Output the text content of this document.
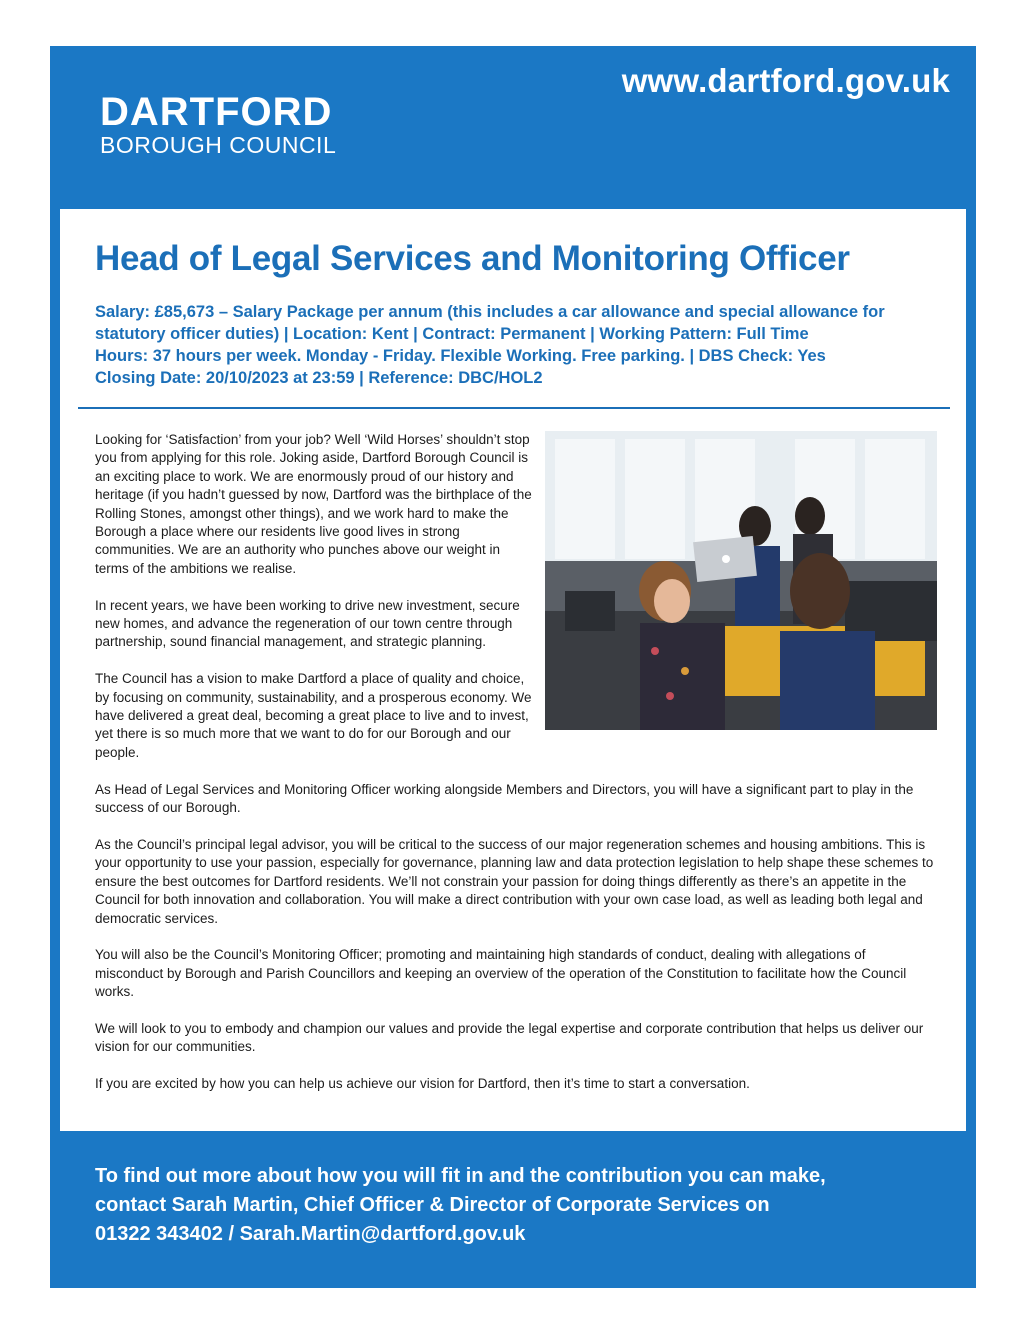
www.dartford.gov.uk
DARTFORD
BOROUGH COUNCIL
Head of Legal Services and Monitoring Officer
Salary: £85,673 – Salary Package per annum (this includes a car allowance and special allowance for
statutory officer duties) | Location: Kent | Contract: Permanent | Working Pattern: Full Time
Hours: 37 hours per week. Monday - Friday. Flexible Working. Free parking. | DBS Check: Yes
Closing Date: 20/10/2023 at 23:59 | Reference: DBC/HOL2

Looking for ‘Satisfaction’ from your job? Well ‘Wild Horses’ shouldn’t stop you from applying for this role. Joking aside, Dartford Borough Council is an exciting place to work. We are enormously proud of our history and heritage (if you hadn’t guessed by now, Dartford was the birthplace of the Rolling Stones, amongst other things), and we work hard to make the Borough a place where our residents live good lives in strong communities. We are an authority who punches above our weight in terms of the ambitions we realise.

In recent years, we have been working to drive new investment, secure new homes, and advance the regeneration of our town centre through partnership, sound financial management, and strategic planning.

The Council has a vision to make Dartford a place of quality and choice, by focusing on community, sustainability, and a prosperous economy. We have delivered a great deal, becoming a great place to live and to invest, yet there is so much more that we want to do for our Borough and our people.

As Head of Legal Services and Monitoring Officer working alongside Members and Directors, you will have a significant part to play in the success of our Borough.

As the Council’s principal legal advisor, you will be critical to the success of our major regeneration schemes and housing ambitions. This is your opportunity to use your passion, especially for governance, planning law and data protection legislation to help shape these schemes to ensure the best outcomes for Dartford residents. We’ll not constrain your passion for doing things differently as there’s an appetite in the Council for both innovation and collaboration. You will make a direct contribution with your own case load, as well as leading both legal and democratic services.

You will also be the Council’s Monitoring Officer; promoting and maintaining high standards of conduct, dealing with allegations of misconduct by Borough and Parish Councillors and keeping an overview of the operation of the Constitution to facilitate how the Council works.

We will look to you to embody and champion our values and provide the legal expertise and corporate contribution that helps us deliver our vision for our communities.

If you are excited by how you can help us achieve our vision for Dartford, then it’s time to start a conversation.

To find out more about how you will fit in and the contribution you can make,
contact Sarah Martin, Chief Officer & Director of Corporate Services on
01322 343402 / Sarah.Martin@dartford.gov.uk
